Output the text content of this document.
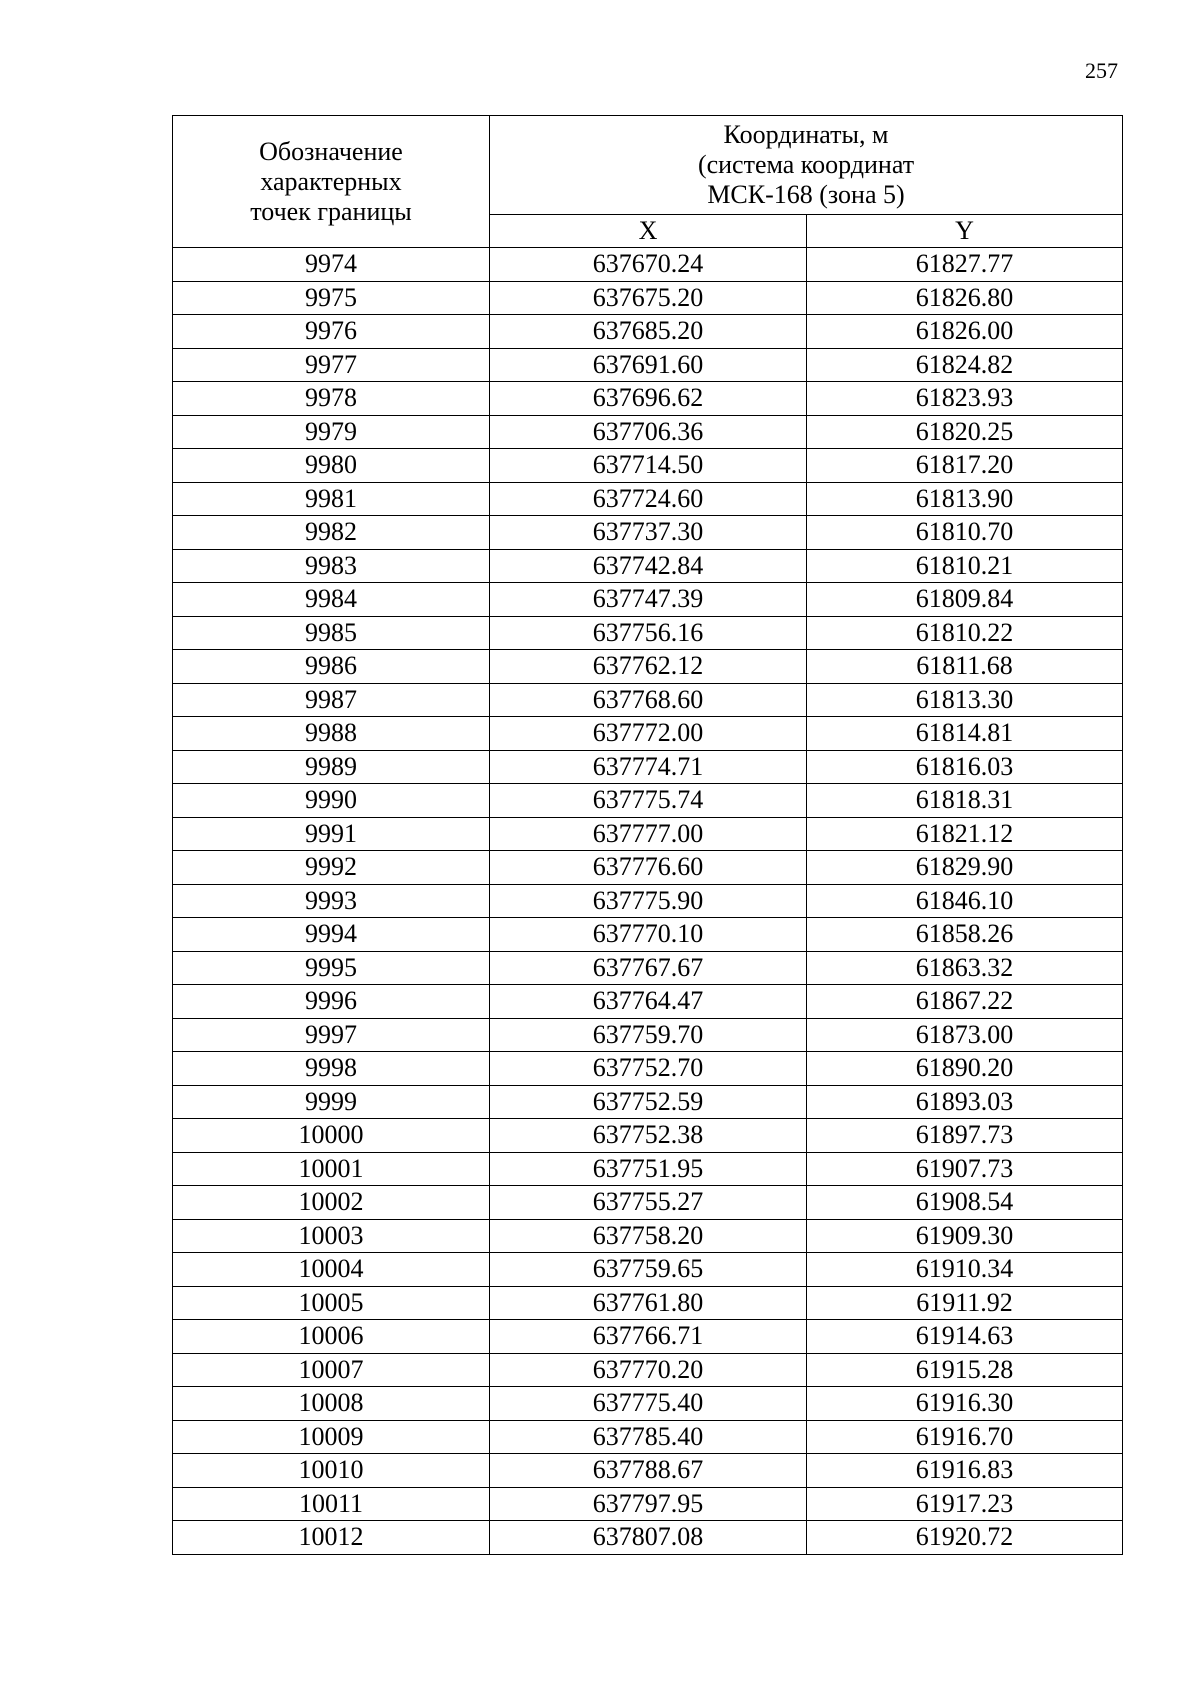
257
Обозначение
характерных
точек границы	Координаты, м
(система координат
МСК-168 (зона 5)	

	X	Y
9974	637670.24	61827.77
9975	637675.20	61826.80
9976	637685.20	61826.00
9977	637691.60	61824.82
9978	637696.62	61823.93
9979	637706.36	61820.25
9980	637714.50	61817.20
9981	637724.60	61813.90
9982	637737.30	61810.70
9983	637742.84	61810.21
9984	637747.39	61809.84
9985	637756.16	61810.22
9986	637762.12	61811.68
9987	637768.60	61813.30
9988	637772.00	61814.81
9989	637774.71	61816.03
9990	637775.74	61818.31
9991	637777.00	61821.12
9992	637776.60	61829.90
9993	637775.90	61846.10
9994	637770.10	61858.26
9995	637767.67	61863.32
9996	637764.47	61867.22
9997	637759.70	61873.00
9998	637752.70	61890.20
9999	637752.59	61893.03
10000	637752.38	61897.73
10001	637751.95	61907.73
10002	637755.27	61908.54
10003	637758.20	61909.30
10004	637759.65	61910.34
10005	637761.80	61911.92
10006	637766.71	61914.63
10007	637770.20	61915.28
10008	637775.40	61916.30
10009	637785.40	61916.70
10010	637788.67	61916.83
10011	637797.95	61917.23
10012	637807.08	61920.72
